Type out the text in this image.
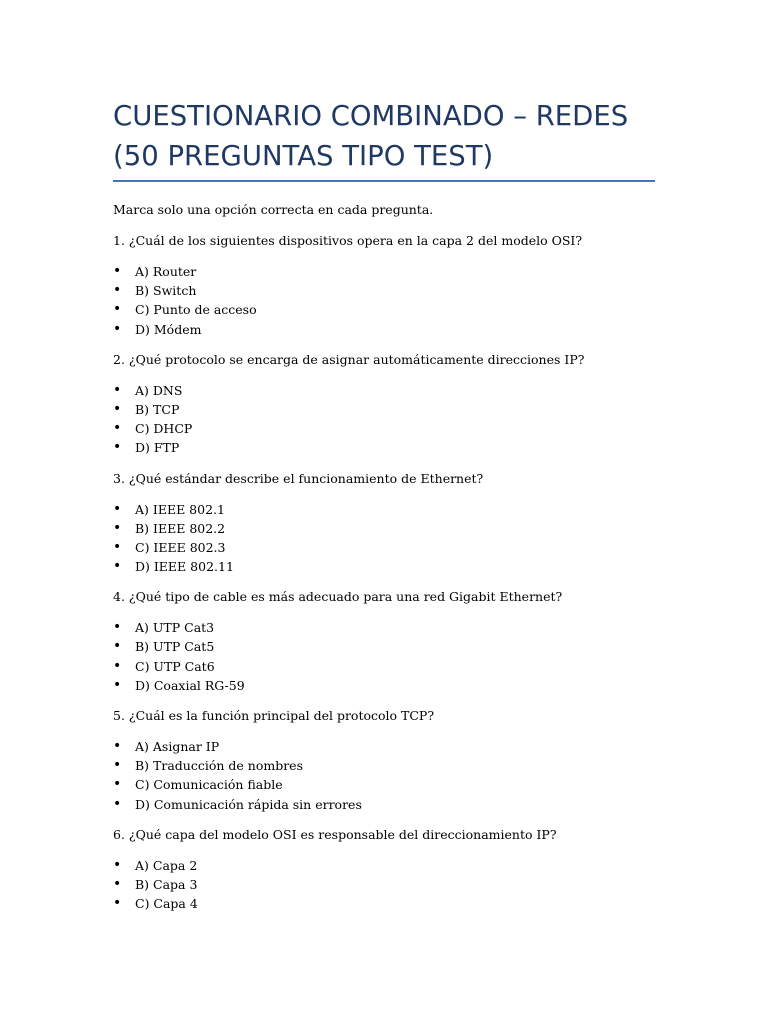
CUESTIONARIO COMBINADO – REDES
(50 PREGUNTAS TIPO TEST)

Marca solo una opción correcta en cada pregunta.

1. ¿Cuál de los siguientes dispositivos opera en la capa 2 del modelo OSI?

•	A) Router
•	B) Switch
•	C) Punto de acceso
•	D) Módem

2. ¿Qué protocolo se encarga de asignar automáticamente direcciones IP?

•	A) DNS
•	B) TCP
•	C) DHCP
•	D) FTP

3. ¿Qué estándar describe el funcionamiento de Ethernet?

•	A) IEEE 802.1
•	B) IEEE 802.2
•	C) IEEE 802.3
•	D) IEEE 802.11

4. ¿Qué tipo de cable es más adecuado para una red Gigabit Ethernet?

•	A) UTP Cat3
•	B) UTP Cat5
•	C) UTP Cat6
•	D) Coaxial RG-59

5. ¿Cuál es la función principal del protocolo TCP?

•	A) Asignar IP
•	B) Traducción de nombres
•	C) Comunicación fiable
•	D) Comunicación rápida sin errores

6. ¿Qué capa del modelo OSI es responsable del direccionamiento IP?

•	A) Capa 2
•	B) Capa 3
•	C) Capa 4
